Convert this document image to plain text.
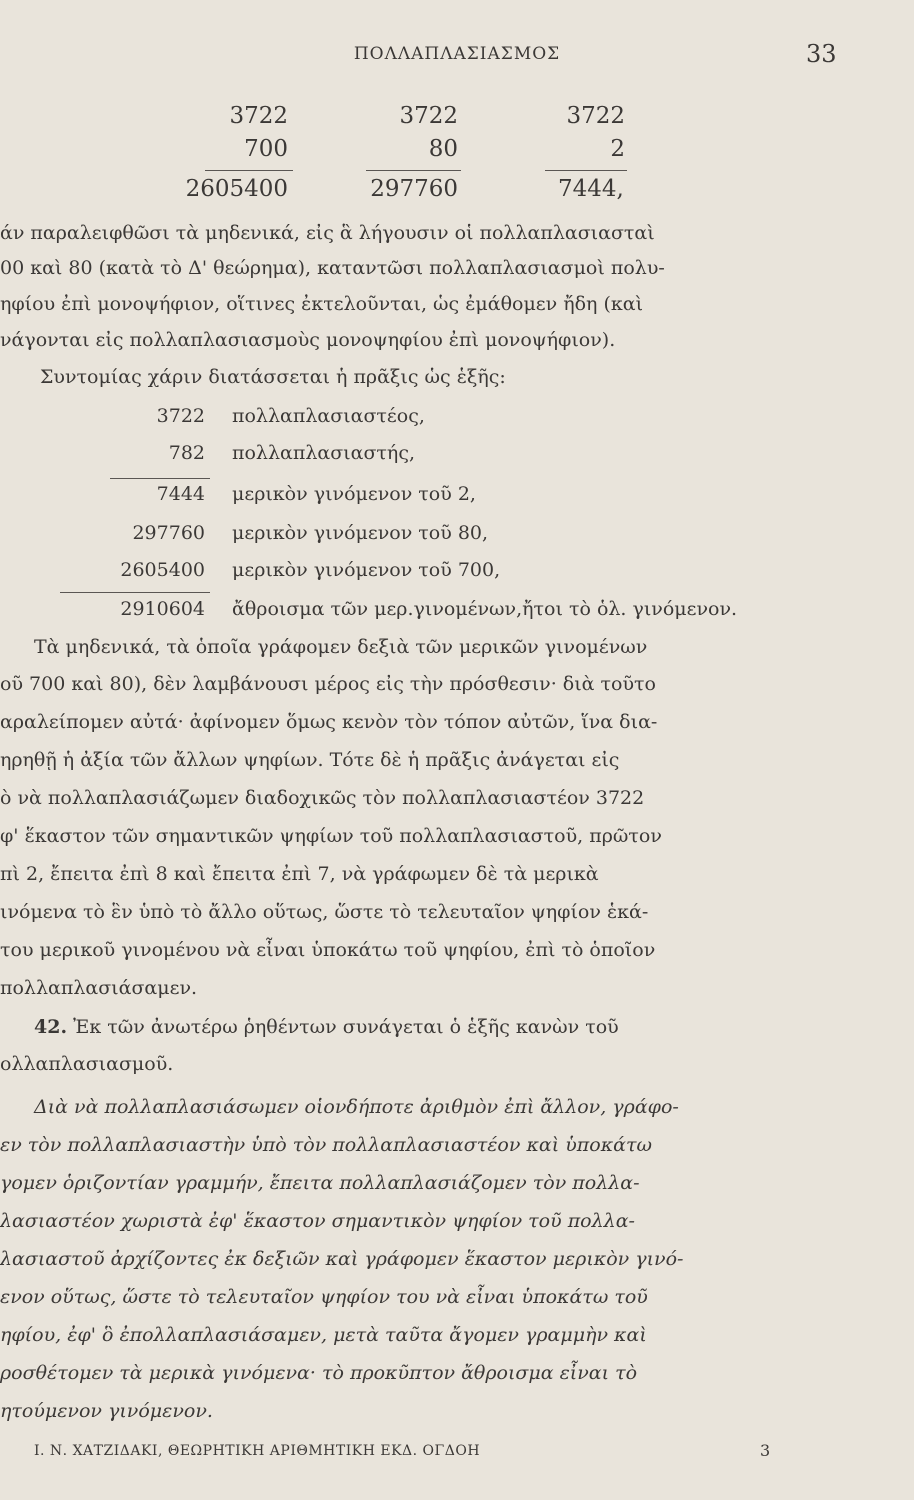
ΠΟΛΛΑΠΛΑΣΙΑΣΜΟΣ	33
3722
700
2605400
3722
80
297760
3722
2
7444,
άν παραλειφθῶσι τὰ μηδενικά, εἰς ἃ λήγουσιν οἱ πολλαπλασιασταὶ
00 καὶ 80 (κατὰ τὸ Δ' θεώρημα), καταντῶσι πολλαπλασιασμοὶ πολυ-
ηφίου ἐπὶ μονοψήφιον, οἵτινες ἐκτελοῦνται, ὡς ἐμάθομεν ἤδη (καὶ
νάγονται εἰς πολλαπλασιασμοὺς μονοψηφίου ἐπὶ μονοψήφιον).
Συντομίας χάριν διατάσσεται ἡ πρᾶξις ὡς ἑξῆς:
3722 πολλαπλασιαστέος,
782 πολλαπλασιαστής,
7444 μερικὸν γινόμενον τοῦ 2,
297760 μερικὸν γινόμενον τοῦ 80,
2605400 μερικὸν γινόμενον τοῦ 700,
2910604 ἄθροισμα τῶν μερ.γινομένων,ἤτοι τὸ ὁλ. γινόμενον.
Τὰ μηδενικά, τὰ ὁποῖα γράφομεν δεξιὰ τῶν μερικῶν γινομένων
οῦ 700 καὶ 80), δὲν λαμβάνουσι μέρος εἰς τὴν πρόσθεσιν· διὰ τοῦτο
αραλείπομεν αὐτά· ἀφίνομεν ὅμως κενὸν τὸν τόπον αὐτῶν, ἵνα δια-
ηρηθῇ ἡ ἀξία τῶν ἄλλων ψηφίων. Τότε δὲ ἡ πρᾶξις ἀνάγεται εἰς
ὸ νὰ πολλαπλασιάζωμεν διαδοχικῶς τὸν πολλαπλασιαστέον 3722
φ' ἕκαστον τῶν σημαντικῶν ψηφίων τοῦ πολλαπλασιαστοῦ, πρῶτον
πὶ 2, ἔπειτα ἐπὶ 8 καὶ ἔπειτα ἐπὶ 7, νὰ γράφωμεν δὲ τὰ μερικὰ
ινόμενα τὸ ἓν ὑπὸ τὸ ἄλλο οὕτως, ὥστε τὸ τελευταῖον ψηφίον ἑκά-
του μερικοῦ γινομένου νὰ εἶναι ὑποκάτω τοῦ ψηφίου, ἐπὶ τὸ ὁποῖον
πολλαπλασιάσαμεν.
42. Ἐκ τῶν ἀνωτέρω ῥηθέντων συνάγεται ὁ ἑξῆς κανὼν τοῦ
ολλαπλασιασμοῦ.
Διὰ νὰ πολλαπλασιάσωμεν οἱονδήποτε ἀριθμὸν ἐπὶ ἄλλον, γράφο-
εν τὸν πολλαπλασιαστὴν ὑπὸ τὸν πολλαπλασιαστέον καὶ ὑποκάτω
γομεν ὁριζοντίαν γραμμήν, ἔπειτα πολλαπλασιάζομεν τὸν πολλα-
λασιαστέον χωριστὰ ἐφ' ἕκαστον σημαντικὸν ψηφίον τοῦ πολλα-
λασιαστοῦ ἀρχίζοντες ἐκ δεξιῶν καὶ γράφομεν ἕκαστον μερικὸν γινό-
ενον οὕτως, ὥστε τὸ τελευταῖον ψηφίον του νὰ εἶναι ὑποκάτω τοῦ
ηφίου, ἐφ' ὃ ἐπολλαπλασιάσαμεν, μετὰ ταῦτα ἄγομεν γραμμὴν καὶ
ροσθέτομεν τὰ μερικὰ γινόμενα· τὸ προκῦπτον ἄθροισμα εἶναι τὸ
ητούμενον γινόμενον.
Ι. Ν. ΧΑΤΖΙΔΑΚΙ, ΘΕΩΡΗΤΙΚΗ ΑΡΙΘΜΗΤΙΚΗ ΕΚΔ. ΟΓΔΟΗ	3
